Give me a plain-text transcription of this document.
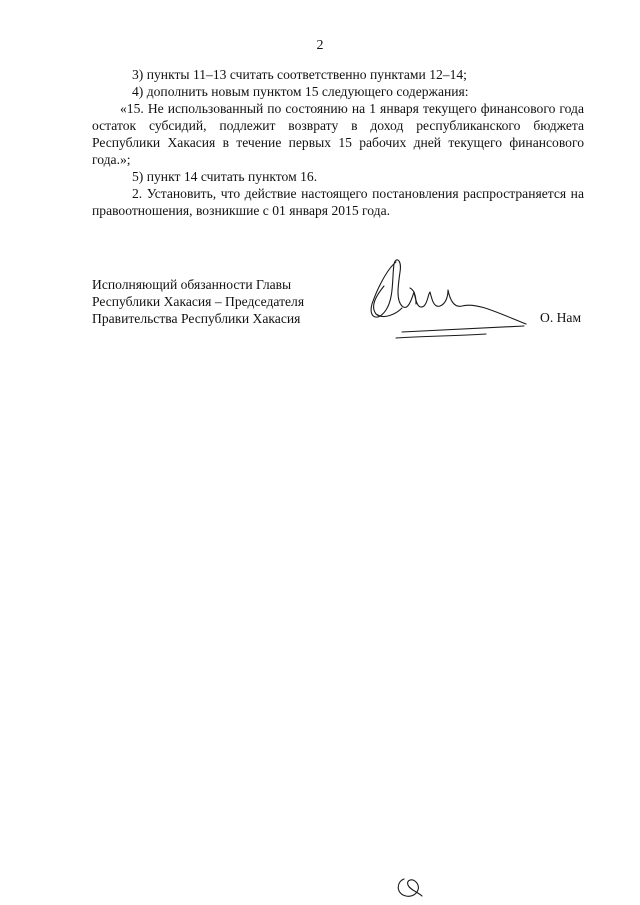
2

3) пункты 11–13 считать соответственно пунктами 12–14;

4) дополнить новым пунктом 15 следующего содержания:

«15. Не использованный по состоянию на 1 января текущего финансового года остаток субсидий, подлежит возврату в доход республиканского бюджета Республики Хакасия в течение первых 15 рабочих дней текущего финансового года.»;

5) пункт 14 считать пунктом 16.

2. Установить, что действие настоящего постановления распространяется на правоотношения, возникшие с 01 января 2015 года.

Исполняющий обязанности Главы

Республики Хакасия – Председателя

Правительства Республики Хакасия	О. Нам
